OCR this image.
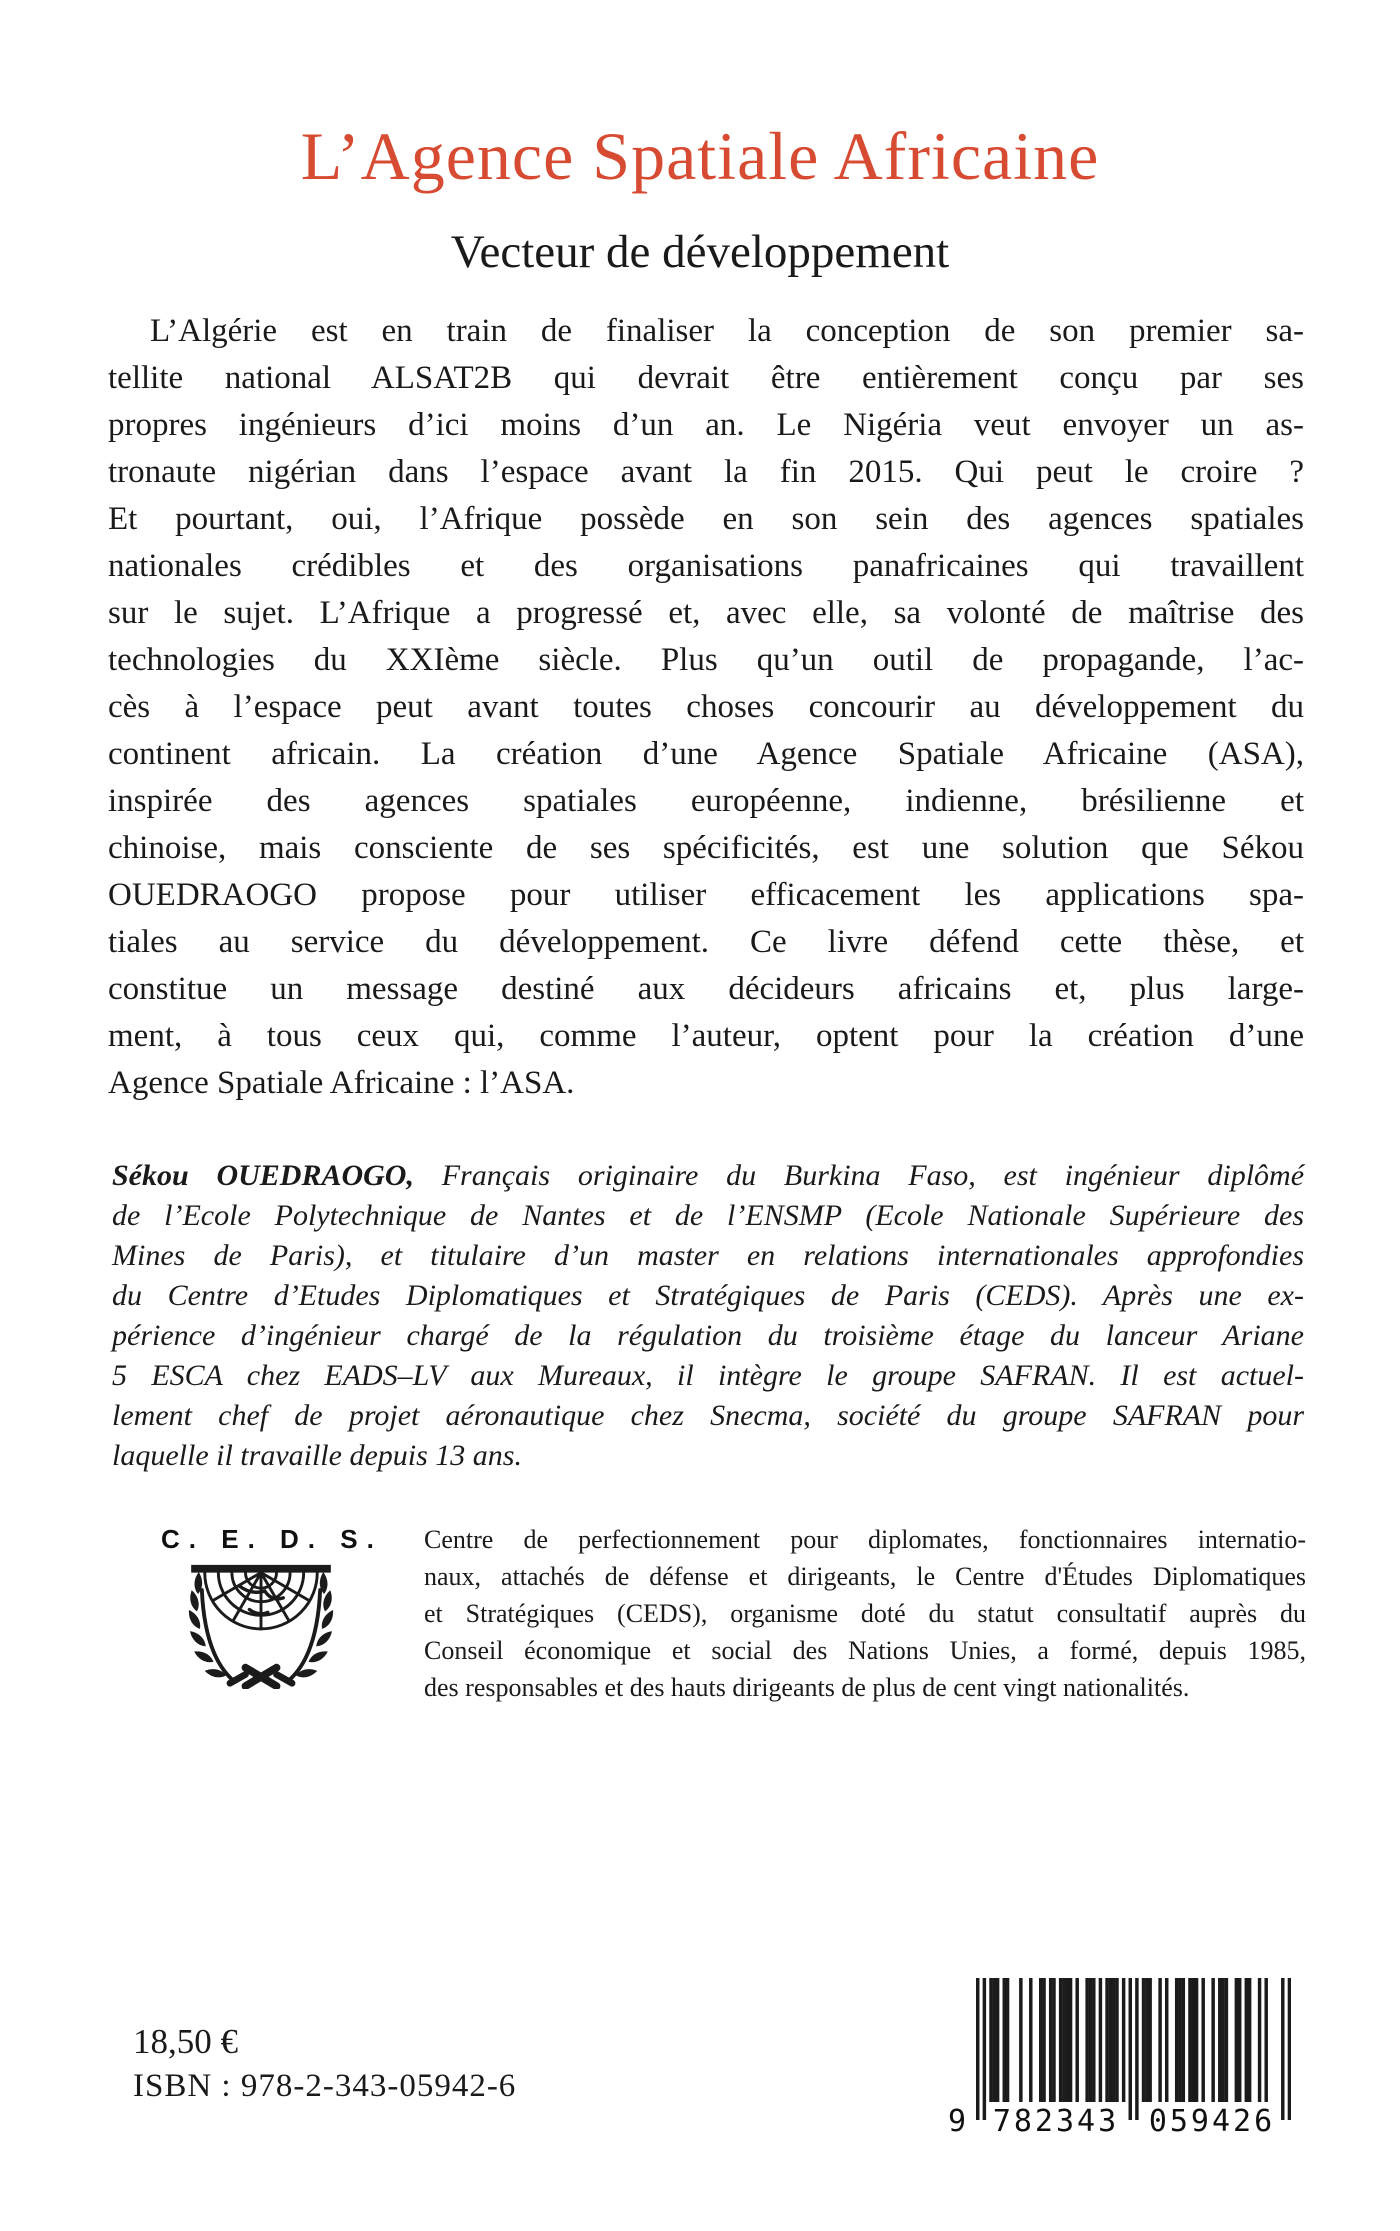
L’Agence Spatiale Africaine
Vecteur de développement
L’Algérie est en train de finaliser la conception de son premier sa-
tellite national ALSAT2B qui devrait être entièrement conçu par ses
propres ingénieurs d’ici moins d’un an. Le Nigéria veut envoyer un as-
tronaute nigérian dans l’espace avant la fin 2015. Qui peut le croire ?
Et pourtant, oui, l’Afrique possède en son sein des agences spatiales
nationales crédibles et des organisations panafricaines qui travaillent
sur le sujet. L’Afrique a progressé et, avec elle, sa volonté de maîtrise des
technologies du XXIème siècle. Plus qu’un outil de propagande, l’ac-
cès à l’espace peut avant toutes choses concourir au développement du
continent africain. La création d’une Agence Spatiale Africaine (ASA),
inspirée des agences spatiales européenne, indienne, brésilienne et
chinoise, mais consciente de ses spécificités, est une solution que Sékou
OUEDRAOGO propose pour utiliser efficacement les applications spa-
tiales au service du développement. Ce livre défend cette thèse, et
constitue un message destiné aux décideurs africains et, plus large-
ment, à tous ceux qui, comme l’auteur, optent pour la création d’une
Agence Spatiale Africaine : l’ASA.
Sékou OUEDRAOGO, Français originaire du Burkina Faso, est ingénieur diplômé
de l’Ecole Polytechnique de Nantes et de l’ENSMP (Ecole Nationale Supérieure des
Mines de Paris), et titulaire d’un master en relations internationales approfondies
du Centre d’Etudes Diplomatiques et Stratégiques de Paris (CEDS). Après une ex-
périence d’ingénieur chargé de la régulation du troisième étage du lanceur Ariane
5 ESCA chez EADS–LV aux Mureaux, il intègre le groupe SAFRAN. Il est actuel-
lement chef de projet aéronautique chez Snecma, société du groupe SAFRAN pour
laquelle il travaille depuis 13 ans.
C. E. D. S. Centre de perfectionnement pour diplomates, fonctionnaires internatio-
naux, attachés de défense et dirigeants, le Centre d'Études Diplomatiques
et Stratégiques (CEDS), organisme doté du statut consultatif auprès du
Conseil économique et social des Nations Unies, a formé, depuis 1985,
des responsables et des hauts dirigeants de plus de cent vingt nationalités.
18,50 €
ISBN : 978-2-343-05942-6
9 782343 059426
